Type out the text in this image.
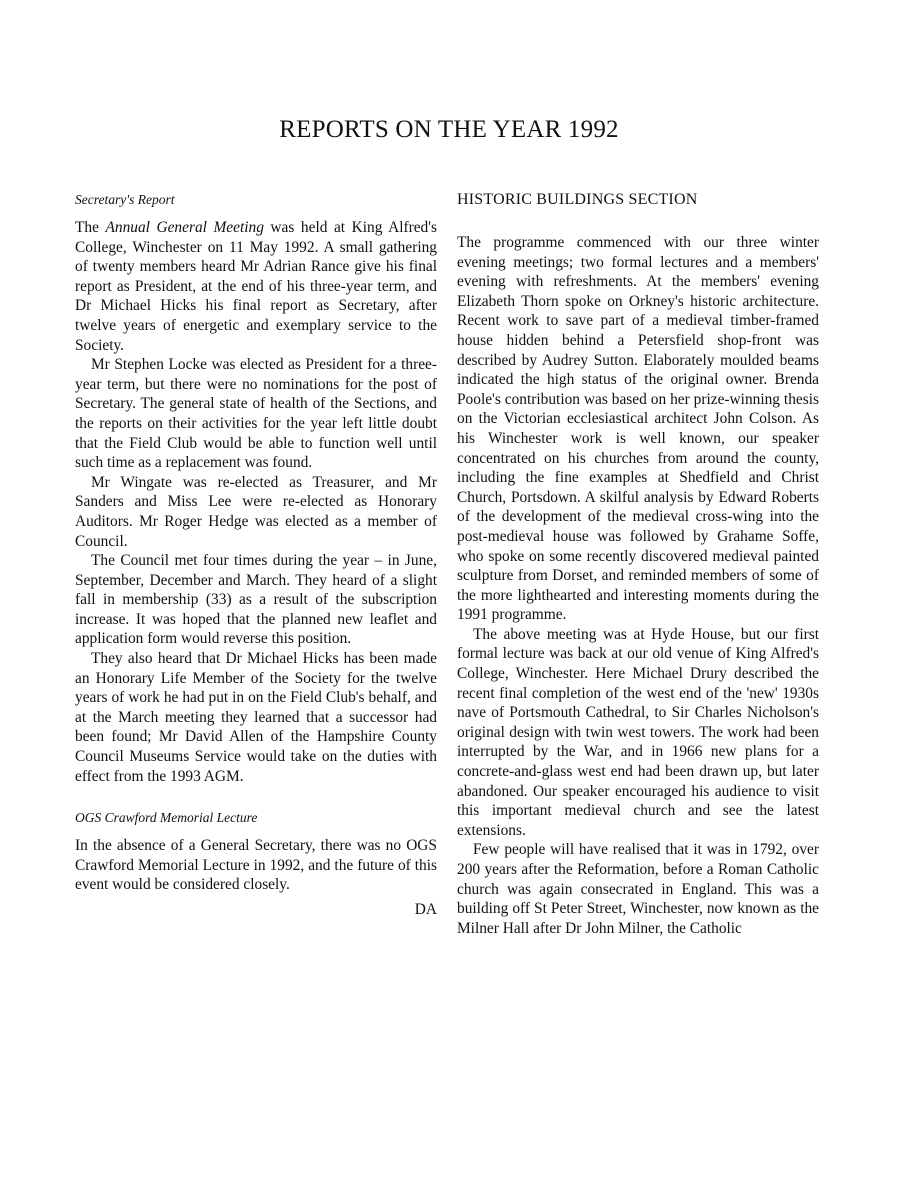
REPORTS ON THE YEAR 1992
Secretary's Report

The Annual General Meeting was held at King Alfred's College, Winchester on 11 May 1992. A small gathering of twenty members heard Mr Adrian Rance give his final report as President, at the end of his three-year term, and Dr Michael Hicks his final report as Secretary, after twelve years of energetic and exemplary service to the Society.

Mr Stephen Locke was elected as President for a three-year term, but there were no nominations for the post of Secretary. The general state of health of the Sections, and the reports on their activities for the year left little doubt that the Field Club would be able to function well until such time as a replacement was found.

Mr Wingate was re-elected as Treasurer, and Mr Sanders and Miss Lee were re-elected as Honorary Auditors. Mr Roger Hedge was elected as a member of Council.

The Council met four times during the year – in June, September, December and March. They heard of a slight fall in membership (33) as a result of the subscription increase. It was hoped that the planned new leaflet and application form would reverse this position.

They also heard that Dr Michael Hicks has been made an Honorary Life Member of the Society for the twelve years of work he had put in on the Field Club's behalf, and at the March meeting they learned that a successor had been found; Mr David Allen of the Hampshire County Council Museums Service would take on the duties with effect from the 1993 AGM.

OGS Crawford Memorial Lecture

In the absence of a General Secretary, there was no OGS Crawford Memorial Lecture in 1992, and the future of this event would be considered closely.

DA
HISTORIC BUILDINGS SECTION

The programme commenced with our three winter evening meetings; two formal lectures and a members' evening with refreshments. At the members' evening Elizabeth Thorn spoke on Orkney's historic architecture. Recent work to save part of a medieval timber-framed house hidden behind a Petersfield shop-front was described by Audrey Sutton. Elaborately moulded beams indicated the high status of the original owner. Brenda Poole's contribution was based on her prize-winning thesis on the Victorian ecclesiastical architect John Colson. As his Winchester work is well known, our speaker concentrated on his churches from around the county, including the fine examples at Shedfield and Christ Church, Portsdown. A skilful analysis by Edward Roberts of the development of the medieval cross-wing into the post-medieval house was followed by Grahame Soffe, who spoke on some recently discovered medieval painted sculpture from Dorset, and reminded members of some of the more lighthearted and interesting moments during the 1991 programme.

The above meeting was at Hyde House, but our first formal lecture was back at our old venue of King Alfred's College, Winchester. Here Michael Drury described the recent final completion of the west end of the 'new' 1930s nave of Portsmouth Cathedral, to Sir Charles Nicholson's original design with twin west towers. The work had been interrupted by the War, and in 1966 new plans for a concrete-and-glass west end had been drawn up, but later abandoned. Our speaker encouraged his audience to visit this important medieval church and see the latest extensions.

Few people will have realised that it was in 1792, over 200 years after the Reformation, before a Roman Catholic church was again consecrated in England. This was a building off St Peter Street, Winchester, now known as the Milner Hall after Dr John Milner, the Catholic
